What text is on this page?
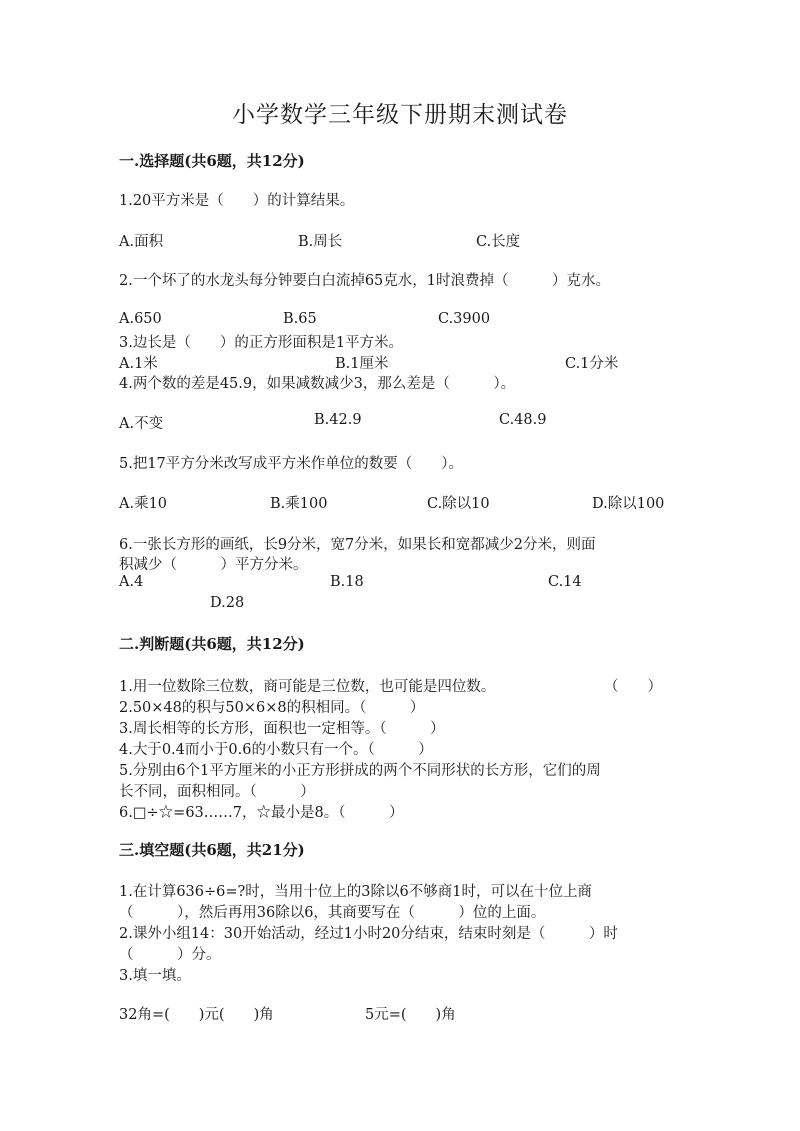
小学数学三年级下册期末测试卷
一.选择题(共6题，共12分)
1.20平方米是（　　）的计算结果。
A.面积	B.周长	C.长度
2.一个坏了的水龙头每分钟要白白流掉65克水，1时浪费掉（　　　）克水。
A.650	B.65	C.3900
3.边长是（　　）的正方形面积是1平方米。
A.1米	B.1厘米	C.1分米
4.两个数的差是45.9，如果减数减少3，那么差是（　　　）。
A.不变	B.42.9	C.48.9
5.把17平方分米改写成平方米作单位的数要（　　）。
A.乘10	B.乘100	C.除以10	D.除以100
6.一张长方形的画纸，长9分米，宽7分米，如果长和宽都减少2分米，则面
积减少（　　　）平方分米。
A.4	B.18	C.14
D.28
二.判断题(共6题，共12分)
1.用一位数除三位数，商可能是三位数，也可能是四位数。	（　　）
2.50×48的积与50×6×8的积相同。（　　　）
3.周长相等的长方形，面积也一定相等。（　　　）
4.大于0.4而小于0.6的小数只有一个。（　　　）
5.分别由6个1平方厘米的小正方形拼成的两个不同形状的长方形，它们的周
长不同，面积相同。（　　　）
6.□÷☆=63……7，☆最小是8。（　　　）
三.填空题(共6题，共21分)
1.在计算636÷6=?时，当用十位上的3除以6不够商1时，可以在十位上商
（　　　），然后再用36除以6，其商要写在（　　　）位的上面。
2.课外小组14：30开始活动，经过1小时20分结束，结束时刻是（　　　）时
（　　　）分。
3.填一填。
32角=(　　)元(　　)角	5元=(　　)角
